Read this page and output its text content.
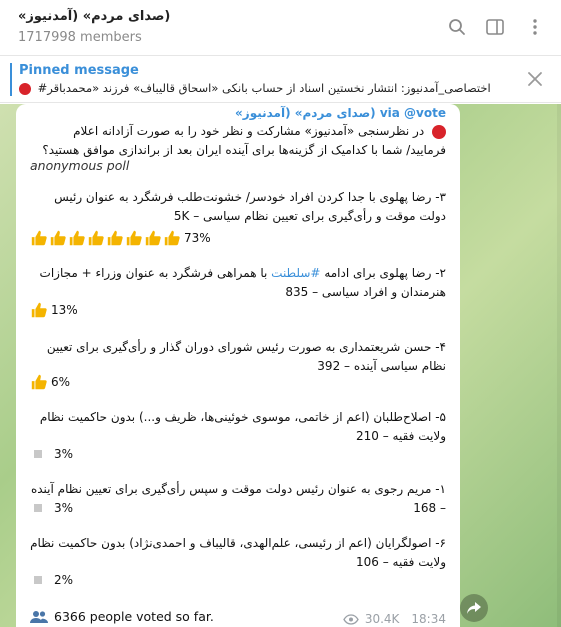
(صدای مردم» (آمدنیوز»
1717998 members
Pinned message
اختصاصی_آمدنیوز: انتشار نخستین اسناد از حساب بانکی «اسحاق قالیباف» فرزند «محمدباقر#
via @vote (صدای مردم» (آمدنیوز»
در نظرسنجی «آمدنیوز» مشارکت و نظر خود را به صورت آزادانه اعلام فرمایید/ شما با کدامیک از گزینه‌ها برای آینده ایران بعد از براندازی موافق هستید؟
anonymous poll
۳- رضا پهلوی با جدا کردن افراد خودسر/ خشونت‌طلب فرشگرد به عنوان رئیس دولت موقت و رأی‌گیری برای تعیین نظام سیاسی – 5K
73%
۲- رضا پهلوی برای ادامه #سلطنت با همراهی فرشگرد به عنوان وزراء + مجازات هنرمندان و افراد سیاسی – 835
13%
۴- حسن شریعتمداری به صورت رئیس شورای دوران گذار و رأی‌گیری برای تعیین نظام سیاسی آینده – 392
6%
۵- اصلاح‌طلبان (اعم از خاتمی، موسوی خوئینی‌ها، ظریف و...) بدون حاکمیت نظام ولایت فقیه – 210
3%
۱- مریم رجوی به عنوان رئیس دولت موقت و سپس رأی‌گیری برای تعیین نظام آینده – 168
3%
۶- اصولگرایان (اعم از رئیسی، علم‌الهدی، قالیباف و احمدی‌نژاد) بدون حاکمیت نظام ولایت فقیه – 106
2%
6366 people voted so far.	30.4K 18:34
